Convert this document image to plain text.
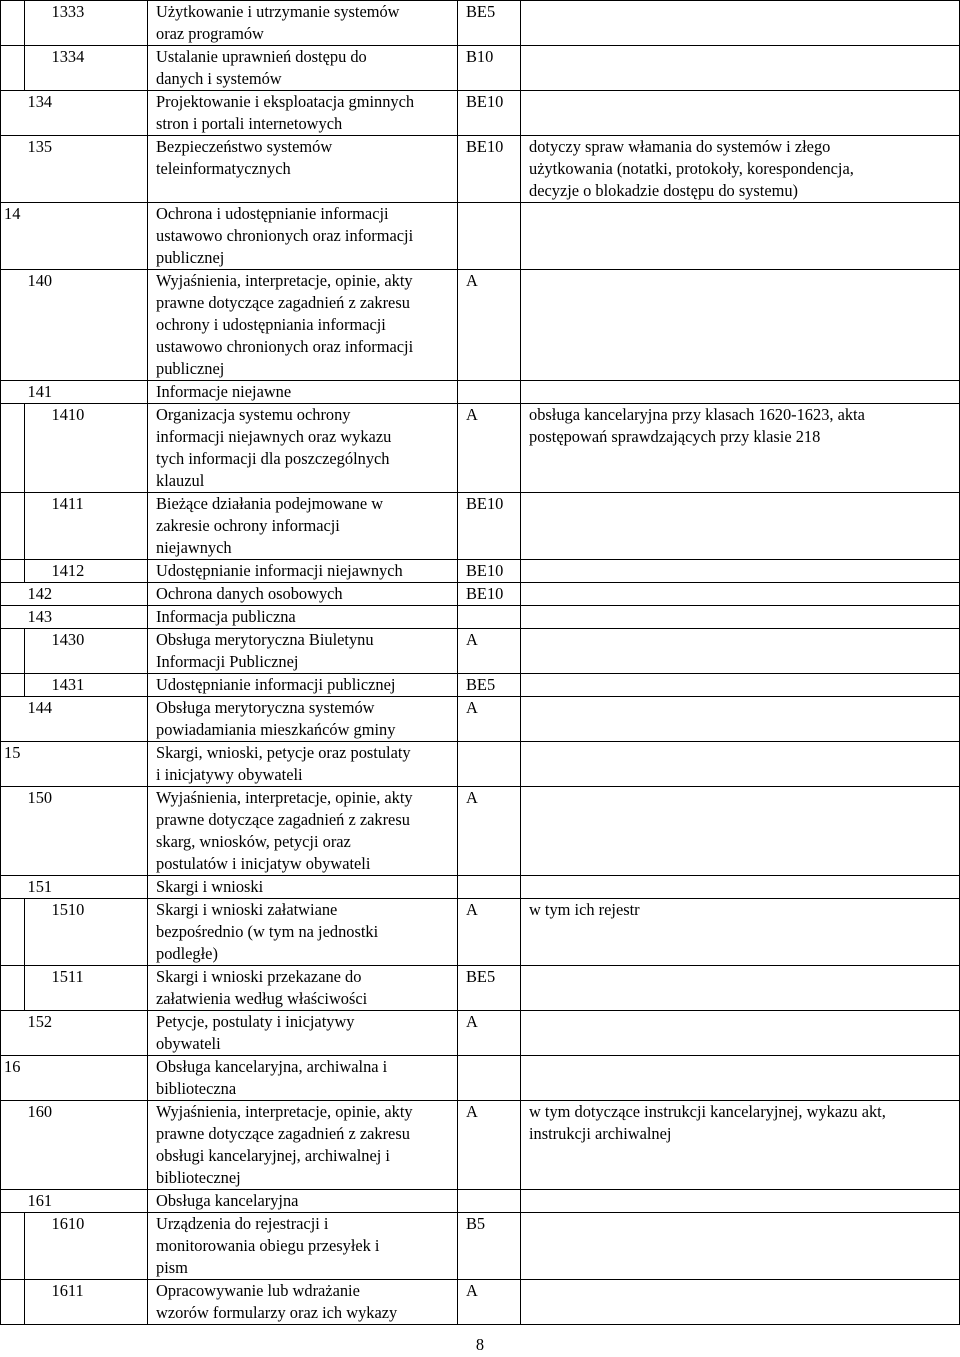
		1333	Użytkowanie i utrzymanie systemów
oraz programów	BE5	
		1334	Ustalanie uprawnień dostępu do
danych i systemów	B10	
	134		Projektowanie i eksploatacja gminnych
stron i portali internetowych	BE10	
	135		Bezpieczeństwo systemów
teleinformatycznych	BE10	dotyczy spraw włamania do systemów i złego
użytkowania (notatki, protokoły, korespondencja,
decyzje o blokadzie dostępu do systemu)
14			Ochrona i udostępnianie informacji
ustawowo chronionych oraz informacji
publicznej		
	140		Wyjaśnienia, interpretacje, opinie, akty
prawne dotyczące zagadnień z zakresu
ochrony i udostępniania informacji
ustawowo chronionych oraz informacji
publicznej	A	
	141		Informacje niejawne		
		1410	Organizacja systemu ochrony
informacji niejawnych oraz wykazu
tych informacji dla poszczególnych
klauzul	A	obsługa kancelaryjna przy klasach 1620-1623, akta
postępowań sprawdzających przy klasie 218
		1411	Bieżące działania podejmowane w
zakresie ochrony informacji
niejawnych	BE10	
		1412	Udostępnianie informacji niejawnych	BE10	
	142		Ochrona danych osobowych	BE10	
	143		Informacja publiczna		
		1430	Obsługa merytoryczna Biuletynu
Informacji Publicznej	A	
		1431	Udostępnianie informacji publicznej	BE5	
	144		Obsługa merytoryczna systemów
powiadamiania mieszkańców gminy	A	
15			Skargi, wnioski, petycje oraz postulaty
i inicjatywy obywateli		
	150		Wyjaśnienia, interpretacje, opinie, akty
prawne dotyczące zagadnień z zakresu
skarg, wniosków, petycji oraz
postulatów i inicjatyw obywateli	A	
	151		Skargi i wnioski		
		1510	Skargi i wnioski załatwiane
bezpośrednio (w tym na jednostki
podległe)	A	w tym ich rejestr
		1511	Skargi i wnioski przekazane do
załatwienia według właściwości	BE5	
	152		Petycje, postulaty i inicjatywy
obywateli	A	
16			Obsługa kancelaryjna, archiwalna i
biblioteczna		
	160		Wyjaśnienia, interpretacje, opinie, akty
prawne dotyczące zagadnień z zakresu
obsługi kancelaryjnej, archiwalnej i
bibliotecznej	A	w tym dotyczące instrukcji kancelaryjnej, wykazu akt,
instrukcji archiwalnej
	161		Obsługa kancelaryjna		
		1610	Urządzenia do rejestracji i
monitorowania obiegu przesyłek i
pism	B5	
		1611	Opracowywanie lub wdrażanie
wzorów formularzy oraz ich wykazy	A	
8
